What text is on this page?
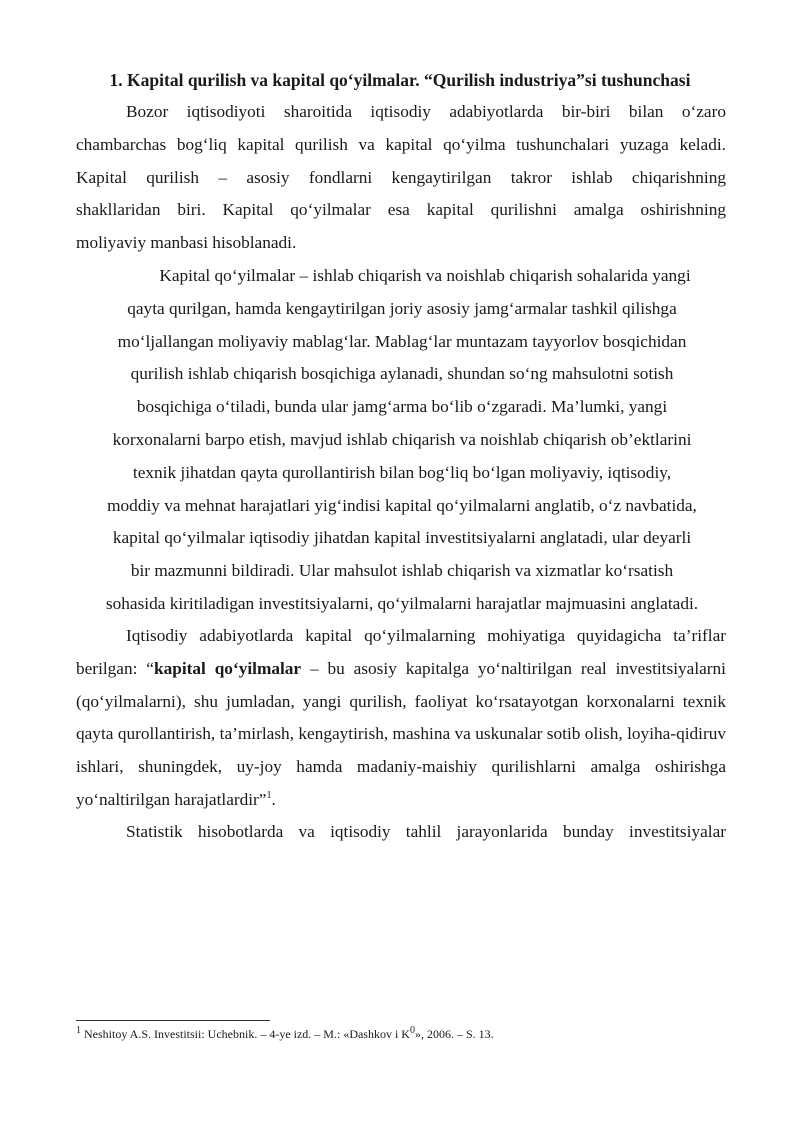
1. Kapital qurilish va kapital qo‘yilmalar. “Qurilish industriya”si tushunchasi
Bozor iqtisodiyoti sharoitida iqtisodiy adabiyotlarda bir-biri bilan o‘zaro
chambarchas bog‘liq kapital qurilish va kapital qo‘yilma tushunchalari yuzaga keladi.
Kapital qurilish – asosiy fondlarni kengaytirilgan takror ishlab chiqarishning
shakllaridan biri. Kapital qo‘yilmalar esa kapital qurilishni amalga oshirishning
moliyaviy manbasi hisoblanadi.
Kapital qo‘yilmalar – ishlab chiqarish va noishlab chiqarish sohalarida yangi
qayta qurilgan, hamda kengaytirilgan joriy asosiy jamg‘armalar tashkil qilishga
mo‘ljallangan moliyaviy mablag‘lar. Mablag‘lar muntazam tayyorlov bosqichidan
qurilish ishlab chiqarish bosqichiga aylanadi, shundan so‘ng mahsulotni sotish
bosqichiga o‘tiladi, bunda ular jamg‘arma bo‘lib o‘zgaradi. Ma’lumki, yangi
korxonalarni barpo etish, mavjud ishlab chiqarish va noishlab chiqarish ob’ektlarini
texnik jihatdan qayta qurollantirish bilan bog‘liq bo‘lgan moliyaviy, iqtisodiy,
moddiy va mehnat harajatlari yig‘indisi kapital qo‘yilmalarni anglatib, o‘z navbatida,
kapital qo‘yilmalar iqtisodiy jihatdan kapital investitsiyalarni anglatadi, ular deyarli
bir mazmunni bildiradi. Ular mahsulot ishlab chiqarish va xizmatlar ko‘rsatish
sohasida kiritiladigan investitsiyalarni, qo‘yilmalarni harajatlar majmuasini anglatadi.
Iqtisodiy adabiyotlarda kapital qo‘yilmalarning mohiyatiga quyidagicha ta’riflar berilgan: “kapital qo‘yilmalar – bu asosiy kapitalga yo‘naltirilgan real investitsiyalarni (qo‘yilmalarni), shu jumladan, yangi qurilish, faoliyat ko‘rsatayotgan korxonalarni texnik qayta qurollantirish, ta’mirlash, kengaytirish, mashina va uskunalar sotib olish, loyiha-qidiruv ishlari, shuningdek, uy-joy hamda madaniy-maishiy qurilishlarni amalga oshirishga yo‘naltirilgan harajatlardir”$^1$.
Statistik hisobotlarda va iqtisodiy tahlil jarayonlarida bunday investitsiyalar
$^1$ Neshitoy A.S. Investitsii: Uchebnik. – 4-ye izd. – M.: «Dashkov i $K^0$», 2006. – S. 13.
